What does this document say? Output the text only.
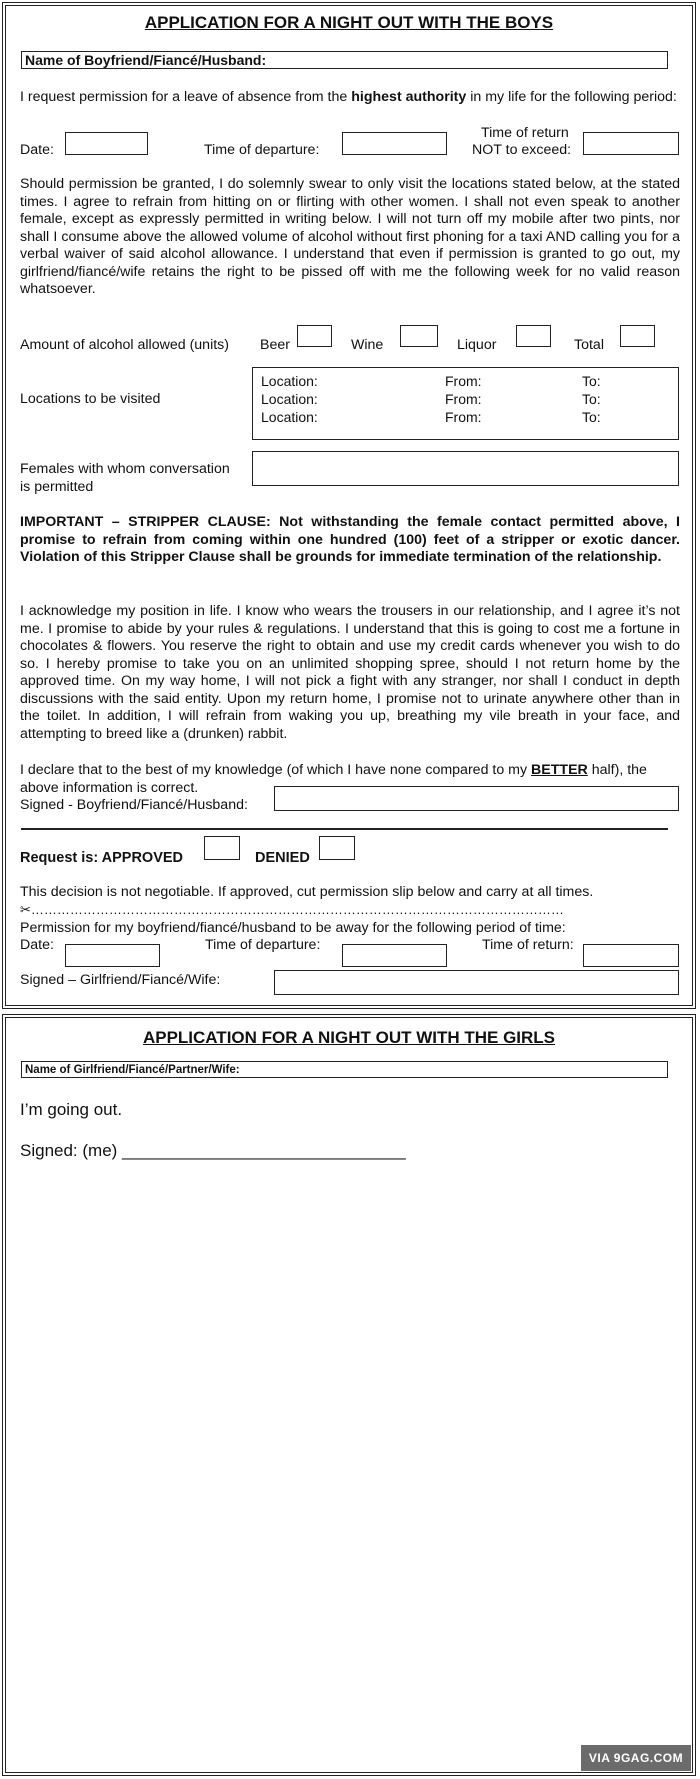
APPLICATION FOR A NIGHT OUT WITH THE BOYS
Name of Boyfriend/Fiancé/Husband:
I request permission for a leave of absence from the highest authority in my life for the following period:
Date:	Time of departure:
Time of return
NOT to exceed:
Should permission be granted, I do solemnly swear to only visit the locations stated below, at the stated times. I agree to refrain from hitting on or flirting with other women. I shall not even speak to another female, except as expressly permitted in writing below. I will not turn off my mobile after two pints, nor shall I consume above the allowed volume of alcohol without first phoning for a taxi AND calling you for a verbal waiver of said alcohol allowance. I understand that even if permission is granted to go out, my girlfriend/fiancé/wife retains the right to be pissed off with me the following week for no valid reason whatsoever.
Amount of alcohol allowed (units) Beer	Wine	Liquor	Total
Locations to be visited
Location:	From:	To:
Location:	From:	To:
Location:	From:	To:
Females with whom conversation
is permitted
IMPORTANT – STRIPPER CLAUSE: Not withstanding the female contact permitted above, I promise to refrain from coming within one hundred (100) feet of a stripper or exotic dancer. Violation of this Stripper Clause shall be grounds for immediate termination of the relationship.
I acknowledge my position in life. I know who wears the trousers in our relationship, and I agree it’s not me. I promise to abide by your rules & regulations. I understand that this is going to cost me a fortune in chocolates & flowers. You reserve the right to obtain and use my credit cards whenever you wish to do so. I hereby promise to take you on an unlimited shopping spree, should I not return home by the approved time. On my way home, I will not pick a fight with any stranger, nor shall I conduct in depth discussions with the said entity. Upon my return home, I promise not to urinate anywhere other than in the toilet. In addition, I will refrain from waking you up, breathing my vile breath in your face, and attempting to breed like a (drunken) rabbit.
I declare that to the best of my knowledge (of which I have none compared to my BETTER half), the above information is correct.
Signed - Boyfriend/Fiancé/Husband:
Request is: APPROVED	DENIED
This decision is not negotiable. If approved, cut permission slip below and carry at all times.
✂……………………………………………………………………………………………………………
Permission for my boyfriend/fiancé/husband to be away for the following period of time:
Date:	Time of departure:	Time of return:
Signed – Girlfriend/Fiancé/Wife:
APPLICATION FOR A NIGHT OUT WITH THE GIRLS
Name of Girlfriend/Fiancé/Partner/Wife:
I’m going out.
Signed: (me) ______________________________
VIA 9GAG.COM
